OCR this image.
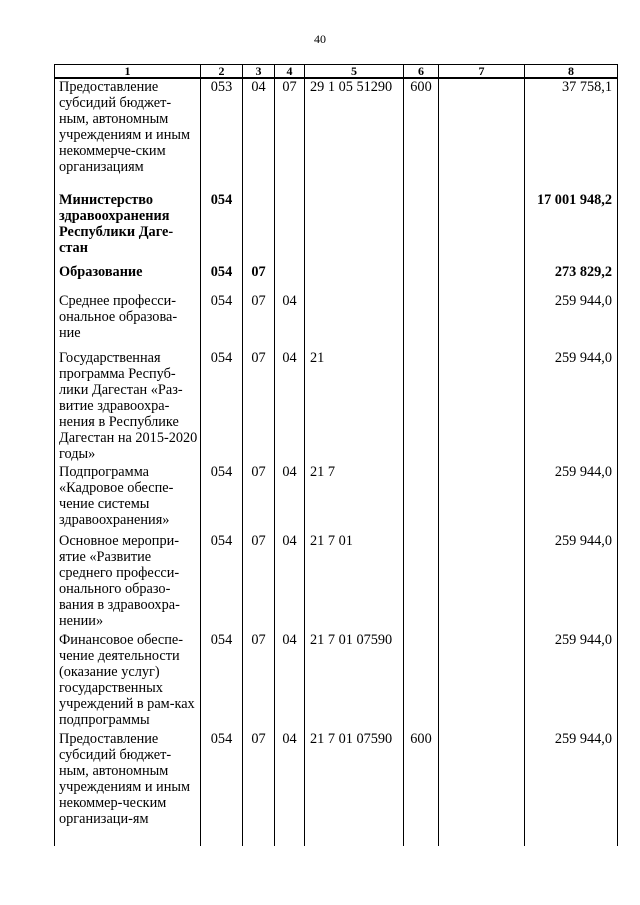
40
1	2	3	4	5	6	7	8
Предоставление субсидий бюджет-ным, автономным учреждениям и иным некоммерче-ским организациям	053	04	07	29 1 05 51290	600		37 758,1
Министерство здравоохранения Республики Даге-стан	054						17 001 948,2
Образование	054	07					273 829,2
Среднее професси-ональное образова-ние	054	07	04				259 944,0
Государственная программа Респуб-лики Дагестан «Раз-витие здравоохра-нения в Республике Дагестан на 2015-2020 годы»	054	07	04	21			259 944,0
Подпрограмма «Кадровое обеспе-чение системы здравоохранения»	054	07	04	21 7			259 944,0
Основное меропри-ятие «Развитие среднего професси-онального образо-вания в здравоохра-нении»	054	07	04	21 7 01			259 944,0
Финансовое обеспе-чение деятельности (оказание услуг) государственных учреждений в рам-ках подпрограммы	054	07	04	21 7 01 07590			259 944,0
Предоставление субсидий бюджет-ным, автономным учреждениям и иным некоммер-ческим организаци-ям	054	07	04	21 7 01 07590	600		259 944,0
